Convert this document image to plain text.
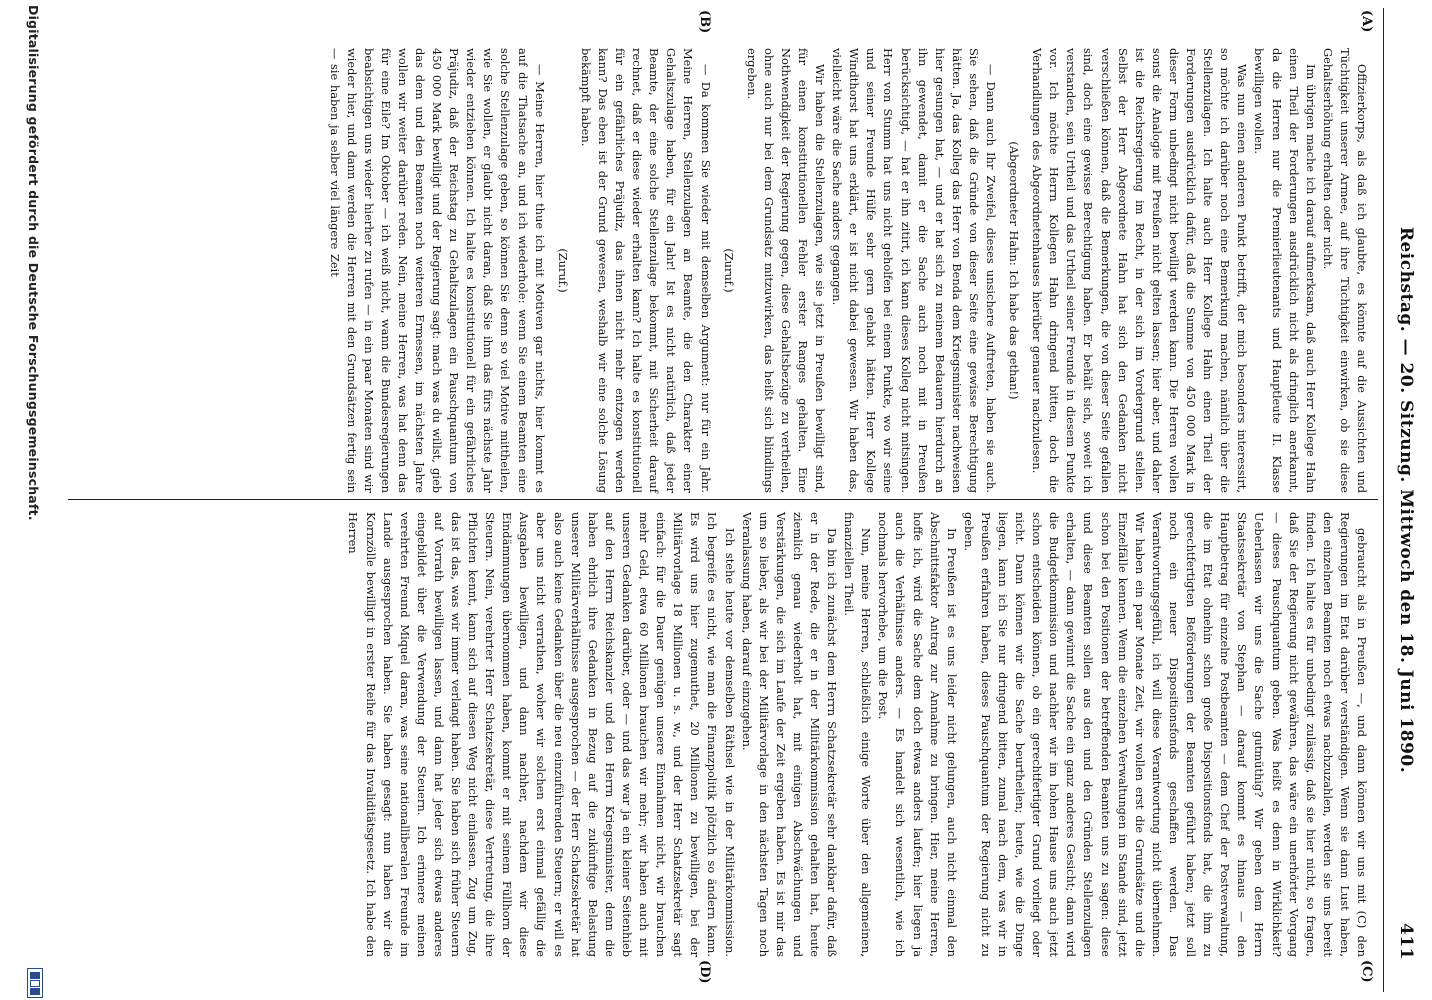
Reichstag. — 20. Sitzung. Mittwoch den 18. Juni 1890.
411
(A)
(B)
(C)
(D)

Offizierkorps, als daß ich glaubte, es könnte auf die Aussichten und Tüchtigkeit unserer Armee, auf ihre Tüchtigkeit einwirken, ob sie diese Gehaltserhöhung erhalten oder nicht.

Im übrigen mache ich darauf aufmerksam, daß auch Herr Kollege Hahn einen Theil der Forderungen ausdrücklich nicht als dringlich anerkannt, da die Herren nur die Premierlieutenants und Hauptleute II. Klasse bewilligen wollen.

Was nun einen anderen Punkt betrifft, der mich besonders interessirt, so möchte ich darüber noch eine Bemerkung machen, nämlich über die Stellenzulagen. Ich halte auch Herr Kollege Hahn einen Theil der Forderungen ausdrücklich dafür, daß die Summe von 450 000 Mark in dieser Form unbedingt nicht bewilligt werden kann. Die Herren wollen sonst die Analogie mit Preußen nicht gelten lassen; hier aber, und daher ist die Reichsregierung im Recht, in der sich im Vordergrund stellen. Selbst der Herr Abgeordnete Hahn hat sich den Gedanken nicht verschließen können, daß die Bemerkungen, die von dieser Seite gefallen sind, doch eine gewisse Berechtigung haben. Er behält sich, soweit ich verstanden, sein Urtheil und das Urtheil seiner Freunde in diesem Punkte vor. Ich möchte Herrn Kollegen Hahn dringend bitten, doch die Verhandlungen des Abgeordnetenhauses hierüber genauer nachzulesen.

(Abgeordneter Hahn: Ich habe das gethan!)

— Dann auch Ihr Zweifel, dieses unsichere Auftreten, haben sie auch. Sie sehen, daß die Gründe von dieser Seite eine gewisse Berechtigung hätten. Ja, das Kolleg das Herr von Benda dem Kriegsminister nachweisen hier gesungen hat, — und er hat sich zu meinem Bedauern hierdurch an ihn gewendet, damit er die Sache auch noch mit in Preußen berücksichtigt, — hat er ihn zitirt, ich kann dieses Kolleg nicht mitsingen. Herr von Stumm hat uns nicht geholfen bei einem Punkte, wo wir seine und seiner Freunde Hülfe sehr gern gehabt hätten. Herr Kollege Windthorst hat uns erklärt, er ist nicht dabei gewesen. Wir haben das, vielleicht wäre die Sache anders gegangen.

Wir haben die Stellenzulagen, wie sie jetzt in Preußen bewilligt sind, für einen konstitutionellen Fehler erster Ranges gehalten. Eine Nothwendigkeit der Regierung gegen, diese Gehaltsbezüge zu vertheilen, ohne auch nur bei dem Grundsatz mitzuwirken, das heißt sich blindlings ergeben.

(Zuruf.)

— Da kommen Sie wieder mit demselben Argument: nur für ein Jahr. Meine Herren, Stellenzulagen an Beamte, die den Charakter einer Gehaltszulage haben, für ein Jahr! Ist es nicht natürlich, daß jeder Beamte, der eine solche Stellenzulage bekommt, mit Sicherheit darauf rechnet, daß er diese wieder erhalten kann? Ich halte es konstitutionell für ein gefährliches Präjudiz, das ihnen nicht mehr entzogen werden kann? Das eben ist der Grund gewesen, weshalb wir eine solche Lösung bekämpft haben.

(Zuruf.)

— Meine Herren, hier thue ich mit Motiven gar nichts, hier kommt es auf die Thatsache an, und ich wiederhole: wenn Sie einem Beamten eine solche Stellenzulage geben, so können Sie denn so viel Motive mittheilen, wie Sie wollen, er glaubt nicht daran, daß Sie ihm das fürs nächste Jahr wieder entziehen können. Ich halte es konstitutionell für ein gefährliches Präjudiz, daß der Reichstag zu Gehaltszulagen ein Pauschquantum von 450 000 Mark bewilligt und der Regierung sagt: mach was du willst, gieb das dem und den Beamten noch weiteren Ermessen, im nächsten Jahre wollen wir weiter darüber reden. Nein, meine Herren, was hat denn das für eine Eile? Im Oktober — ich weiß nicht, wann die Bundesregierungen beabsichtigen uns wieder hierher zu rufen — in ein paar Monaten sind wir wieder hier, und dann werden die Herren mit den Grundsätzen fertig sein — sie haben ja selber viel längere Zeit

gebraucht als in Preußen —, und dann können wir uns mit (C) den Regierungen im Etat darüber verständigen. Wenn sie dann Lust haben, den einzelnen Beamten noch etwas nachzuzahlen, werden sie uns bereit finden. Ich halte es für unbedingt zulässig, daß sie hier nicht, so fragen, daß Sie der Regierung nicht gewähren, das wäre ein unerhörter Vorgang — dieses Pauschquantum geben. Was heißt es denn in Wirklichkeit? Ueberlassen wir uns die Sache gutmüthig? Wir geben dem Herrn Staatssekretär von Stephan — darauf kommt es hinaus — den Hauptbetrag für einzelne Postbeamten — dem Chef der Postverwaltung, die im Etat ohnehin schon große Dispositionsfonds hat, die ihm zu gerechtfertigten Beförderungen der Beamten geführt haben; jetzt soll noch ein neuer Dispositionsfonds geschaffen werden. Das Verantwortungsgefühl, ich will diese Verantwortung nicht übernehmen. Wir haben ein paar Monate Zeit, wir wollen erst die Grundsätze und die Einzelfälle kennen. Wenn die einzelnen Verwaltungen im Stande sind, jetzt schon bei den Positionen der betreffenden Beamten uns zu sagen: diese und diese Beamten sollen aus den und den Gründen Stellenzulagen erhalten, — dann gewinnt die Sache ein ganz anderes Gesicht; dann wird die Budgetkommission und nachher wir im hohen Hause uns auch jetzt schon entscheiden können, ob ein gerechtfertigter Grund vorliegt oder nicht. Dann können wir die Sache beurtheilen; heute, wie die Dinge liegen, kann ich Sie nur dringend bitten, zumal nach dem, was wir in Preußen erfahren haben, dieses Pauschquantum der Regierung nicht zu geben.

In Preußen ist es uns leider nicht gelungen, auch nicht einmal den Abschnittsfaktor Antrag zur Annahme zu bringen. Hier, meine Herren, hoffe ich, wird die Sache dem doch etwas anders laufen; hier liegen ja auch die Verhältnisse anders. — Es handelt sich wesentlich, wie ich nochmals hervorhebe, um die Post.

Nun, meine Herren, schließlich einige Worte über den allgemeinen, finanziellen Theil.

Da bin ich zunächst dem Herrn Schatzsekretär sehr dankbar dafür, daß er in der Rede, die er in der Militärkommission gehalten hat, heute ziemlich genau wiederholt hat, mit einigen Abschwächungen und Verstärkungen, die sich im Laufe der Zeit ergeben haben. Es ist mir das um so lieber, als wir bei der Militärvorlage in den nächsten Tagen noch Veranlassung haben, darauf einzugehen.

Ich stehe heute vor demselben Räthsel wie in der Militärkommission. Ich begreife es nicht, wie man die Finanzpolitik plötzlich so ändern kann. Es wird uns hier zugemuthet, 20 Millionen zu bewilligen, bei der Militärvorlage 18 Millionen u. s. w., und der Herr Schatzsekretär sagt einfach: für die Dauer genügen unsere Einnahmen nicht, wir brauchen mehr Geld, etwa 60 Millionen brauchen wir mehr; wir haben auch mit unseren Gedanken darüber, oder — und das war ja ein kleiner Seitenhieb auf den Herrn Reichskanzler und den Herrn Kriegsminister, denn die haben ehrlich ihre Gedanken in Bezug auf die zukünftige Belastung unserer Militärverhältnisse ausgesprochen — der Herr Schatzsekretär hat also auch keine Gedanken über die neu einzuführenden Steuern; er will es aber uns nicht verrathen, woher wir solchen erst einmal gefällig die Ausgaben bewilligen, und dann nachher, nachdem wir diese Eindämmungen übernommen haben, kommt er mit seinem Füllhorn der Steuern. Nein, verehrter Herr Schatzsekretär, diese Vertretung, die ihre Pflichten kennt, kann sich auf diesen Weg nicht einlassen. Zug um Zug, das ist das, was wir immer verlangt haben. Sie haben sich früher Steuern auf Vorrath bewilligen lassen, und dann hat jeder sich etwas anderes eingebildet über die Verwendung der Steuern. Ich erinnere meinen verehrten Freund Miquel daran, was seine nationalliberalen Freunde im Lande ausgesprochen haben. Sie haben gesagt: nun haben wir die Kornzölle bewilligt in erster Reihe für das Invaliditätsgesetz. Ich habe den Herren

Digitalisierung gefördert durch die Deutsche Forschungsgemeinschaft.
